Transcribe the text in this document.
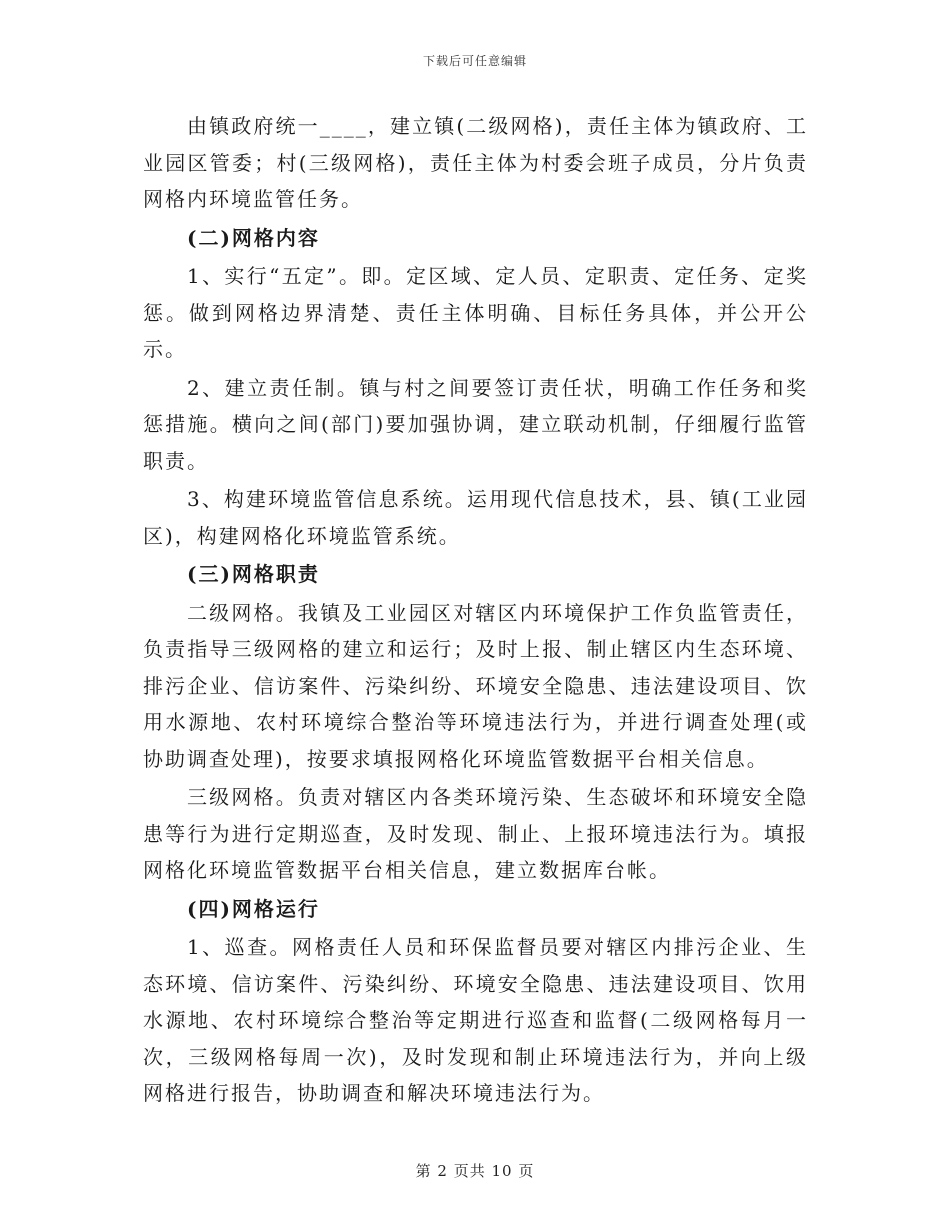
下载后可任意编辑

由镇政府统一____，建立镇(二级网格)，责任主体为镇政府、工业园区管委；村(三级网格)，责任主体为村委会班子成员，分片负责网格内环境监管任务。

(二)网格内容

1、实行“五定”。即。定区域、定人员、定职责、定任务、定奖惩。做到网格边界清楚、责任主体明确、目标任务具体，并公开公示。

2、建立责任制。镇与村之间要签订责任状，明确工作任务和奖惩措施。横向之间(部门)要加强协调，建立联动机制，仔细履行监管职责。

3、构建环境监管信息系统。运用现代信息技术，县、镇(工业园区)，构建网格化环境监管系统。

(三)网格职责

二级网格。我镇及工业园区对辖区内环境保护工作负监管责任，负责指导三级网格的建立和运行；及时上报、制止辖区内生态环境、排污企业、信访案件、污染纠纷、环境安全隐患、违法建设项目、饮用水源地、农村环境综合整治等环境违法行为，并进行调查处理(或协助调查处理)，按要求填报网格化环境监管数据平台相关信息。

三级网格。负责对辖区内各类环境污染、生态破坏和环境安全隐患等行为进行定期巡查，及时发现、制止、上报环境违法行为。填报网格化环境监管数据平台相关信息，建立数据库台帐。

(四)网格运行

1、巡查。网格责任人员和环保监督员要对辖区内排污企业、生态环境、信访案件、污染纠纷、环境安全隐患、违法建设项目、饮用水源地、农村环境综合整治等定期进行巡查和监督(二级网格每月一次，三级网格每周一次)，及时发现和制止环境违法行为，并向上级网格进行报告，协助调查和解决环境违法行为。

第 2 页共 10 页
